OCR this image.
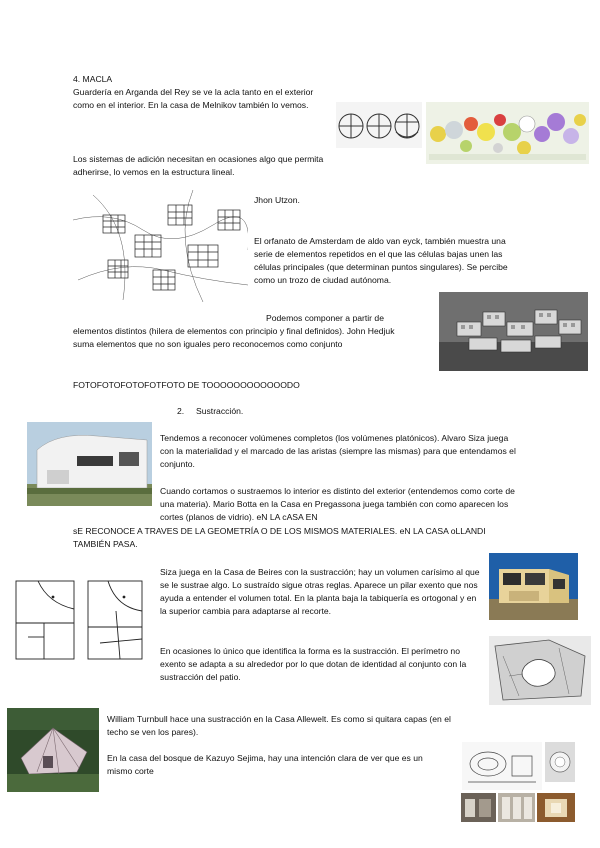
4. MACLA

Guardería en Arganda del Rey se ve la acla tanto en el exterior como en el interior. En la casa de Melnikov también lo vemos.

Los sistemas de adición necesitan en ocasiones algo que permita adherirse, lo vemos en la estructura lineal.

Jhon Utzon.

El orfanato de Amsterdam de aldo van eyck, también muestra una serie de elementos repetidos en el que las células bajas unen las células principales (que determinan puntos singulares). Se percibe como un trozo de ciudad autónoma.

Podemos componer a partir de

elementos distintos (hilera de elementos con principio y final definidos). John Hedjuk suma elementos que no son iguales pero reconocemos como conjunto

FOTOFOTOFOTOFOTFOTO DE TOOOOOOOOOOOODO

2. Sustracción.

Tendemos a reconocer volúmenes completos (los volúmenes platónicos). Alvaro Siza juega con la materialidad y el marcado de las aristas (siempre las mismas) para que entendamos el conjunto.

Cuando cortamos o sustraemos lo interior es distinto del exterior (entendemos como corte de una materia). Mario Botta en la Casa en Pregassona juega también con como aparecen los cortes (planos de vidrio). eN LA cASA EN

sE RECONOCE A TRAVES DE LA GEOMETRÍA O DE LOS MISMOS MATERIALES. eN LA CASA oLLANDI TAMBIÉN PASA.

Siza juega en la Casa de Beires con la sustracción; hay un volumen carísimo al que se le sustrae algo. Lo sustraído sigue otras reglas. Aparece un pilar exento que nos ayuda a entender el volumen total. En la planta baja la tabiquería es ortogonal y en la superior cambia para adaptarse al recorte.

En ocasiones lo único que identifica la forma es la sustracción. El perímetro no exento se adapta a su alrededor por lo que dotan de identidad al conjunto con la sustracción del patio.

William Turnbull hace una sustracción en la Casa Allewelt. Es como si quitara capas (en el techo se ven los pares).

En la casa del bosque de Kazuyo Sejima, hay una intención clara de ver que es un mismo corte
